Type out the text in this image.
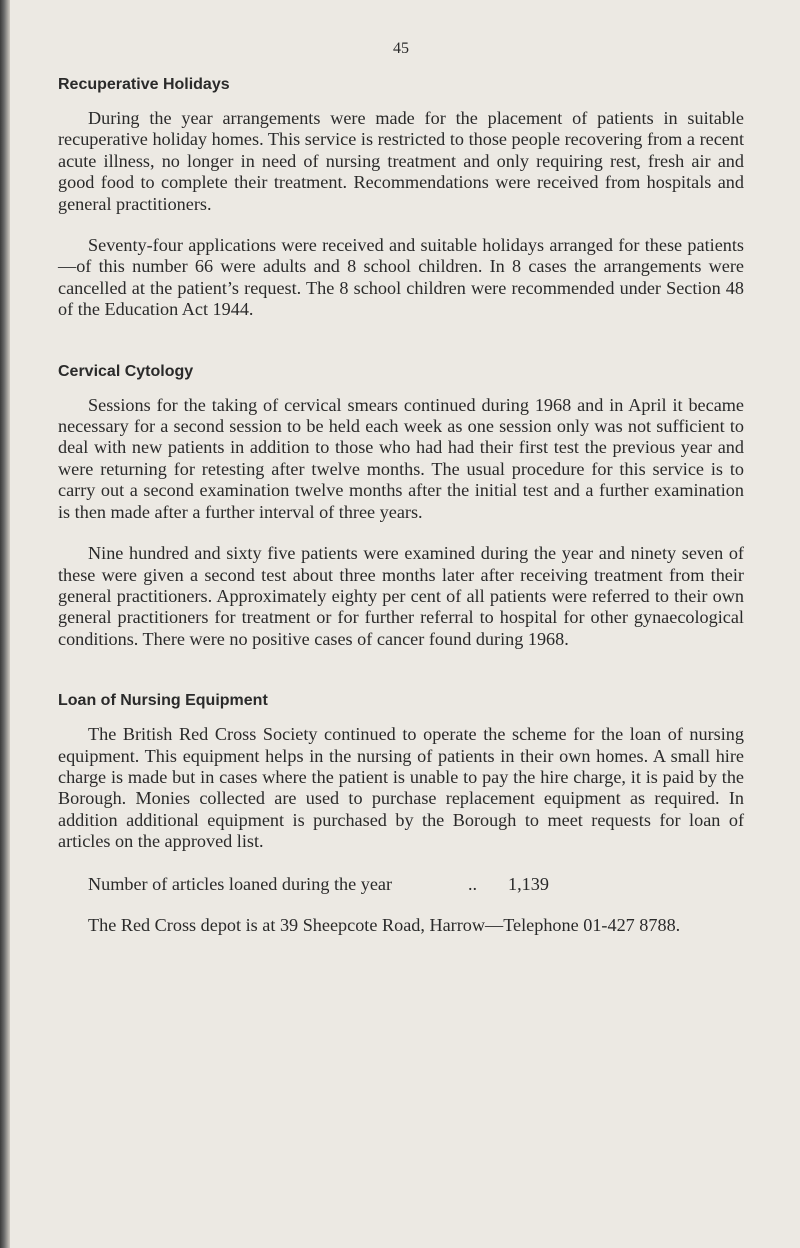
45
Recuperative Holidays

During the year arrangements were made for the placement of patients in suitable recuperative holiday homes. This service is restricted to those people recovering from a recent acute illness, no longer in need of nursing treatment and only requiring rest, fresh air and good food to complete their treatment. Recommendations were received from hospitals and general practitioners.

Seventy-four applications were received and suitable holidays arranged for these patients—of this number 66 were adults and 8 school children. In 8 cases the arrangements were cancelled at the patient’s request. The 8 school children were recommended under Section 48 of the Education Act 1944.

Cervical Cytology

Sessions for the taking of cervical smears continued during 1968 and in April it became necessary for a second session to be held each week as one session only was not sufficient to deal with new patients in addition to those who had had their first test the previous year and were returning for retesting after twelve months. The usual procedure for this service is to carry out a second examination twelve months after the initial test and a further examination is then made after a further interval of three years.

Nine hundred and sixty five patients were examined during the year and ninety seven of these were given a second test about three months later after receiving treatment from their general practitioners. Approximately eighty per cent of all patients were referred to their own general practitioners for treatment or for further referral to hospital for other gynaecological conditions. There were no positive cases of cancer found during 1968.

Loan of Nursing Equipment

The British Red Cross Society continued to operate the scheme for the loan of nursing equipment. This equipment helps in the nursing of patients in their own homes. A small hire charge is made but in cases where the patient is unable to pay the hire charge, it is paid by the Borough. Monies collected are used to purchase replacement equipment as required. In addition additional equipment is purchased by the Borough to meet requests for loan of articles on the approved list.

Number of articles loaned during the year	..	1,139

The Red Cross depot is at 39 Sheepcote Road, Harrow—Telephone 01-427 8788.
